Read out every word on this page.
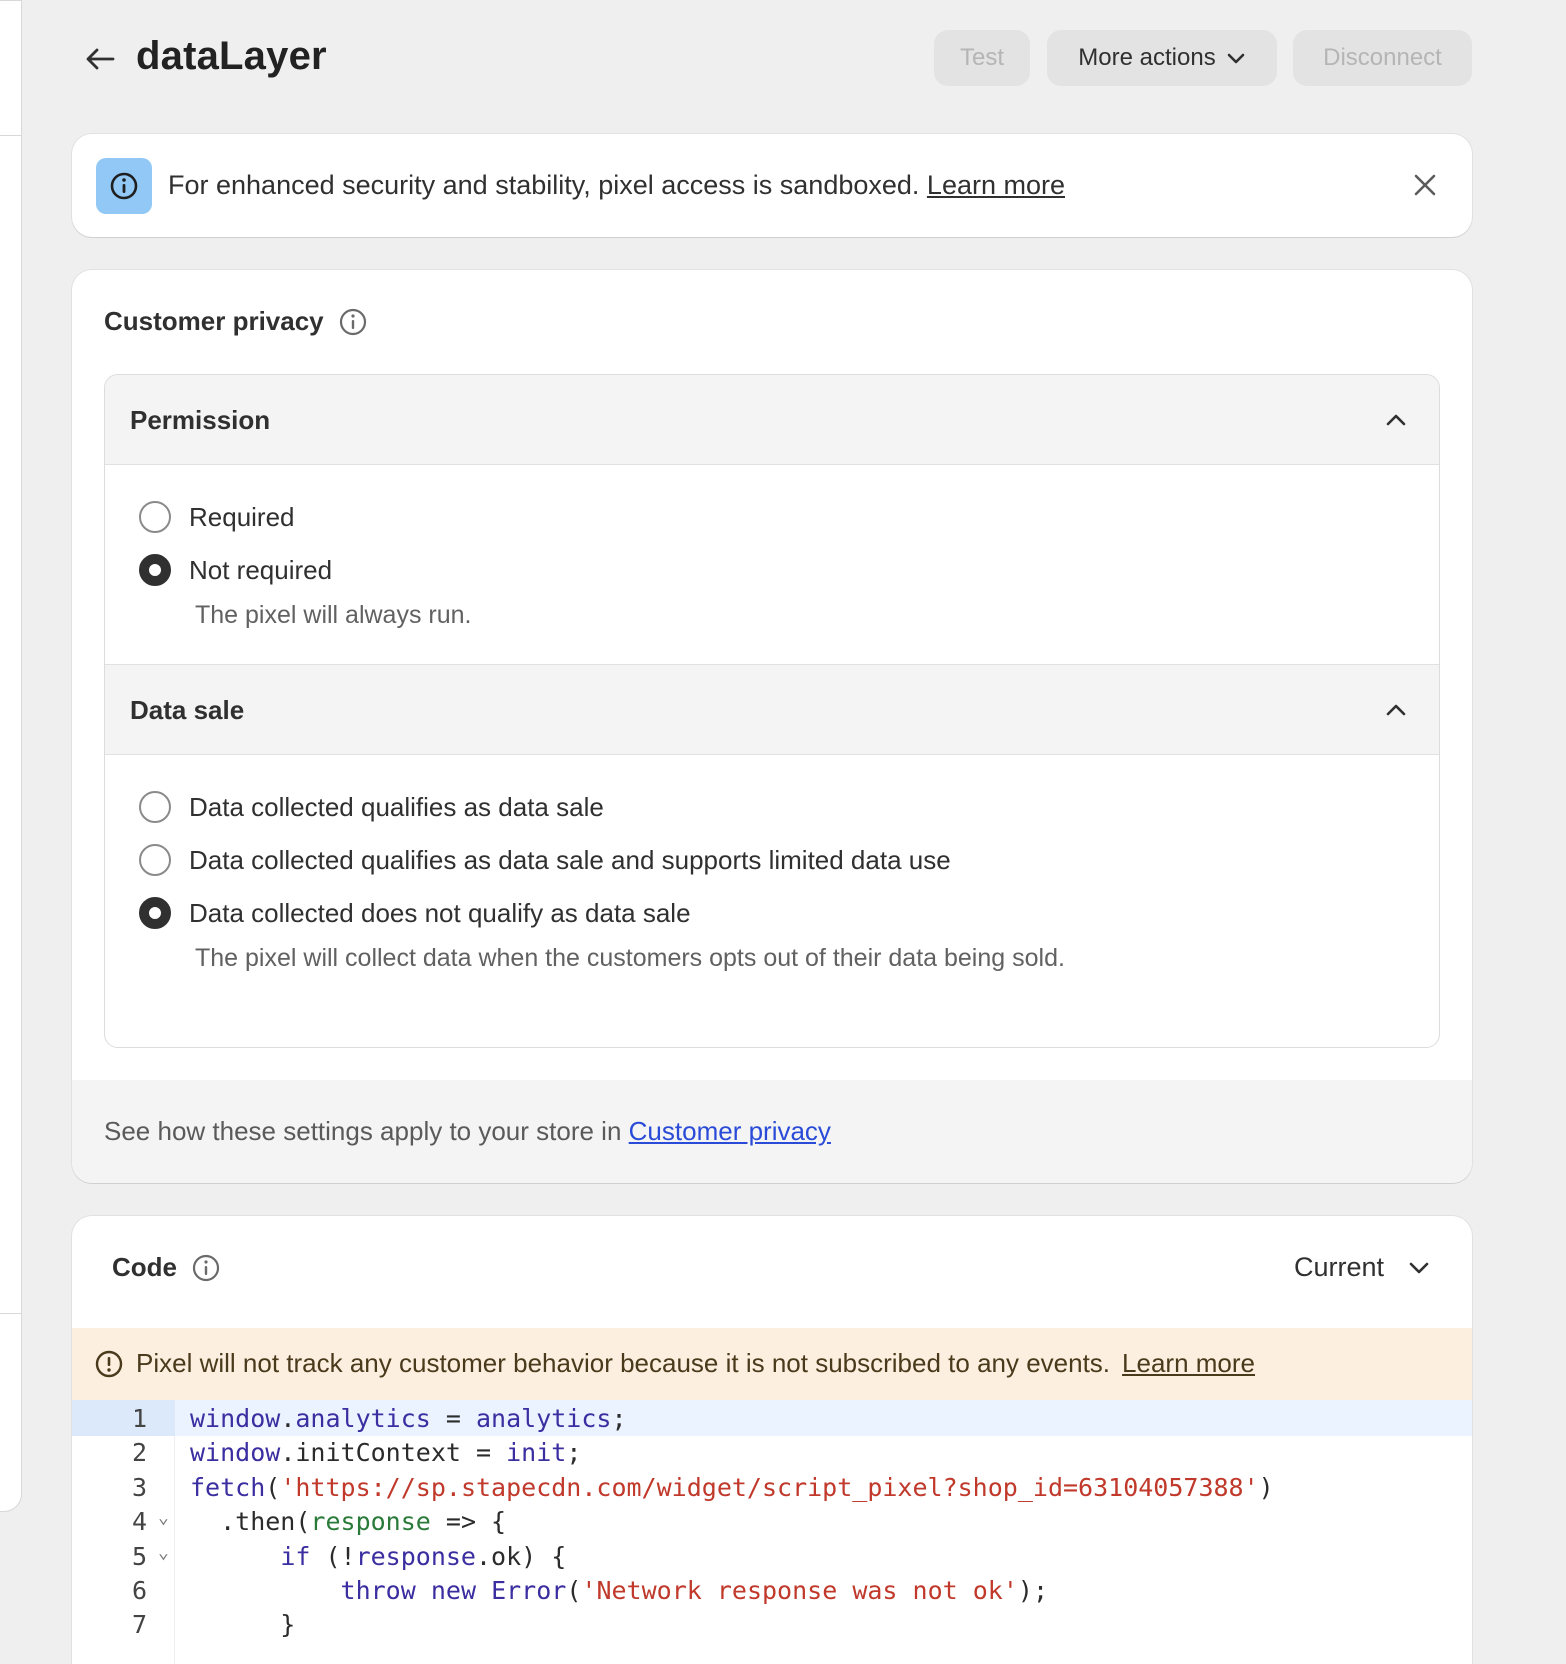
dataLayer	Test	More actions	Disconnect
For enhanced security and stability, pixel access is sandboxed. Learn more
Customer privacy
Permission
Required
Not required
The pixel will always run.
Data sale
Data collected qualifies as data sale
Data collected qualifies as data sale and supports limited data use
Data collected does not qualify as data sale
The pixel will collect data when the customers opts out of their data being sold.
See how these settings apply to your store in Customer privacy
Code	Current
Pixel will not track any customer behavior because it is not subscribed to any events. Learn more
1 window.analytics = analytics;
2 window.initContext = init;
3 fetch('https://sp.stapecdn.com/widget/script_pixel?shop_id=63104057388')
4 ⌄ .then(response => {
5 ⌄	if (!response.ok) {
6	throw new Error('Network response was not ok');
7 }
